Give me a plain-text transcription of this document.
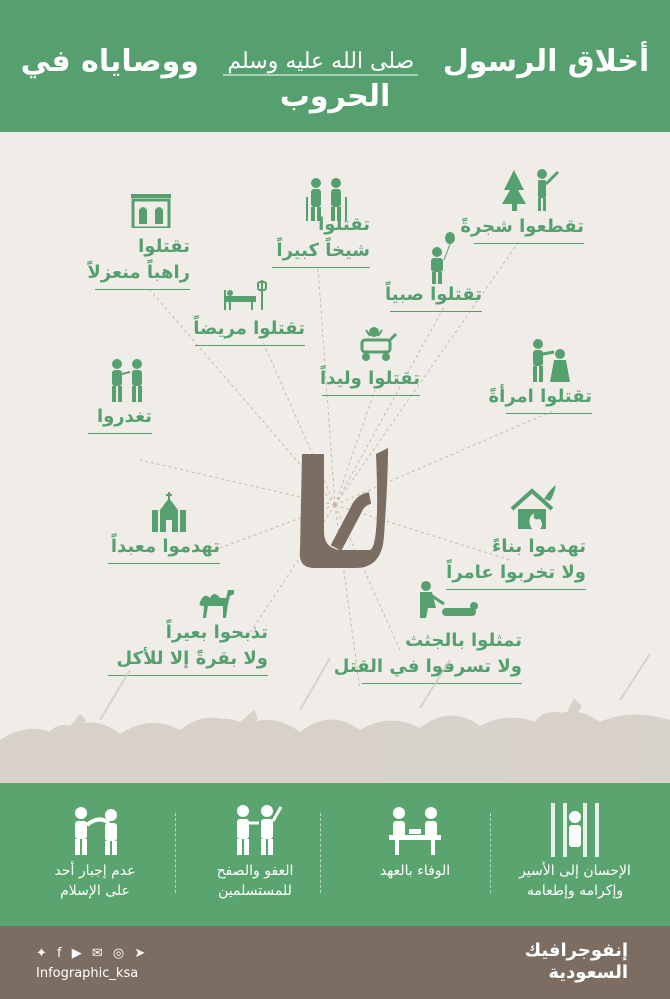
أخلاق الرسول صلى الله عليه وسلم ووصاياه في الحروب
تقطعوا شجرةً
تقتلوا
شيخاً كبيراً
تقتلوا
راهباً منعزلاً
تقتلوا صبياً
تقتلوا مريضاً
تقتلوا وليداً
تقتلوا امرأةً
تغدروا
تهدموا معبداً	تهدموا بناءً
ولا تخربوا عامراً
تذبحوا بعيراً
ولا بقرةً إلا للأكل
تمثلوا بالجثث
ولا تسرفوا في القتل
الإحسان إلى الأسير
وإكرامه وإطعامه
الوفاء بالعهد
العفو والصفح
للمستسلمين
عدم إجبار أحد
على الإسلام
✦ f ▶ ✉ ◎ ➤
Infographic_ksa
إنفوجرافيك
السعودية
